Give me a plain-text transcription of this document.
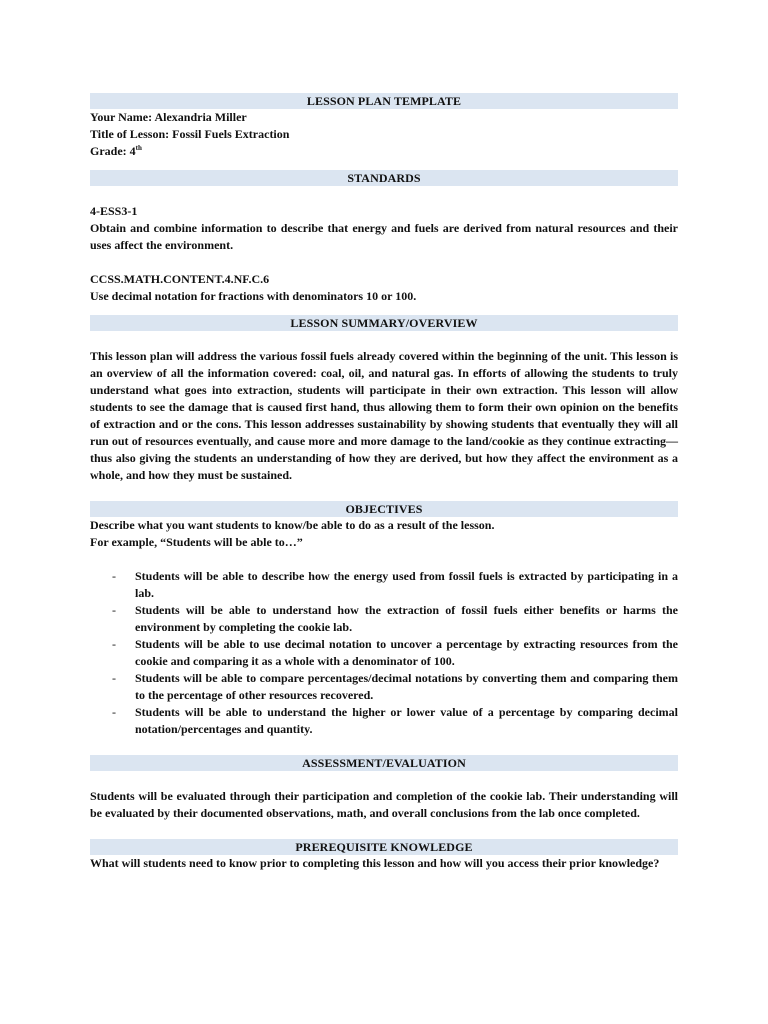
LESSON PLAN TEMPLATE
Your Name: Alexandria Miller
Title of Lesson: Fossil Fuels Extraction
Grade: 4th
STANDARDS
4-ESS3-1
Obtain and combine information to describe that energy and fuels are derived from natural resources and their uses affect the environment.
CCSS.MATH.CONTENT.4.NF.C.6
Use decimal notation for fractions with denominators 10 or 100.
LESSON SUMMARY/OVERVIEW
This lesson plan will address the various fossil fuels already covered within the beginning of the unit. This lesson is an overview of all the information covered: coal, oil, and natural gas. In efforts of allowing the students to truly understand what goes into extraction, students will participate in their own extraction. This lesson will allow students to see the damage that is caused first hand, thus allowing them to form their own opinion on the benefits of extraction and or the cons. This lesson addresses sustainability by showing students that eventually they will all run out of resources eventually, and cause more and more damage to the land/cookie as they continue extracting—thus also giving the students an understanding of how they are derived, but how they affect the environment as a whole, and how they must be sustained.
OBJECTIVES
Describe what you want students to know/be able to do as a result of the lesson.
For example, “Students will be able to…”
- Students will be able to describe how the energy used from fossil fuels is extracted by participating in a lab.
- Students will be able to understand how the extraction of fossil fuels either benefits or harms the environment by completing the cookie lab.
- Students will be able to use decimal notation to uncover a percentage by extracting resources from the cookie and comparing it as a whole with a denominator of 100.
- Students will be able to compare percentages/decimal notations by converting them and comparing them to the percentage of other resources recovered.
- Students will be able to understand the higher or lower value of a percentage by comparing decimal notation/percentages and quantity.
ASSESSMENT/EVALUATION
Students will be evaluated through their participation and completion of the cookie lab. Their understanding will be evaluated by their documented observations, math, and overall conclusions from the lab once completed.
PREREQUISITE KNOWLEDGE
What will students need to know prior to completing this lesson and how will you access their prior knowledge?
